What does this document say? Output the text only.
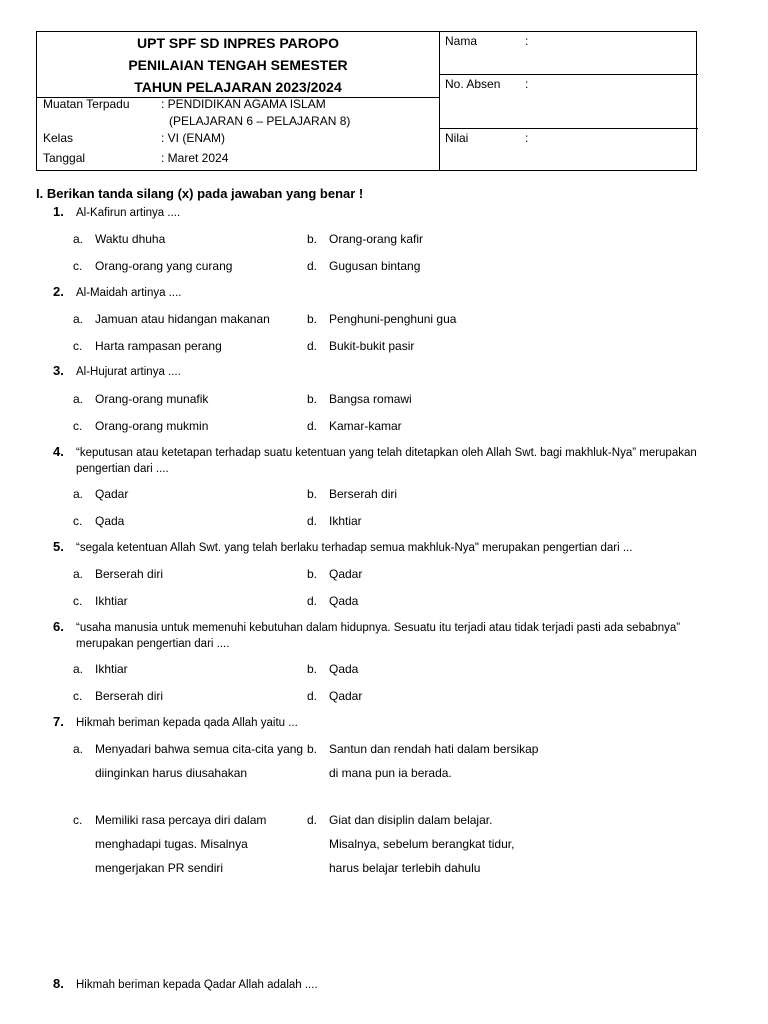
UPT SPF SD INPRES PAROPO
PENILAIAN TENGAH SEMESTER
TAHUN PELAJARAN 2023/2024
Muatan Terpadu	: PENDIDIKAN AGAMA ISLAM
(PELAJARAN 6 – PELAJARAN 8)
Kelas	: VI (ENAM)
Tanggal	: Maret 2024
Nama	:
No. Absen :
Nilai	:
I. Berikan tanda silang (x) pada jawaban yang benar !
1. Al-Kafirun artinya ....
a. Waktu dhuha	b. Orang-orang kafir
c. Orang-orang yang curang	d. Gugusan bintang
2. Al-Maidah artinya ....
a. Jamuan atau hidangan makanan	b. Penghuni-penghuni gua
c. Harta rampasan perang	d. Bukit-bukit pasir
3. Al-Hujurat artinya ....
a. Orang-orang munafik	b. Bangsa romawi
c. Orang-orang mukmin	d. Kamar-kamar
4. “keputusan atau ketetapan terhadap suatu ketentuan yang telah ditetapkan oleh Allah Swt. bagi makhluk-Nya” merupakan pengertian dari ....
a. Qadar	b. Berserah diri
c. Qada	d. Ikhtiar
5. “segala ketentuan Allah Swt. yang telah berlaku terhadap semua makhluk-Nya" merupakan pengertian dari ...
a. Berserah diri	b. Qadar
c. Ikhtiar	d. Qada
6. “usaha manusia untuk memenuhi kebutuhan dalam hidupnya. Sesuatu itu terjadi atau tidak terjadi pasti ada sebabnya” merupakan pengertian dari ....
a. Ikhtiar	b. Qada
c. Berserah diri	d. Qadar
7. Hikmah beriman kepada qada Allah yaitu ...
a. Menyadari bahwa semua cita-cita yang diinginkan harus diusahakan
b. Santun dan rendah hati dalam bersikap di mana pun ia berada.
c. Memiliki rasa percaya diri dalam menghadapi tugas. Misalnya mengerjakan PR sendiri
d. Giat dan disiplin dalam belajar. Misalnya, sebelum berangkat tidur, harus belajar terlebih dahulu
8. Hikmah beriman kepada Qadar Allah adalah ....
